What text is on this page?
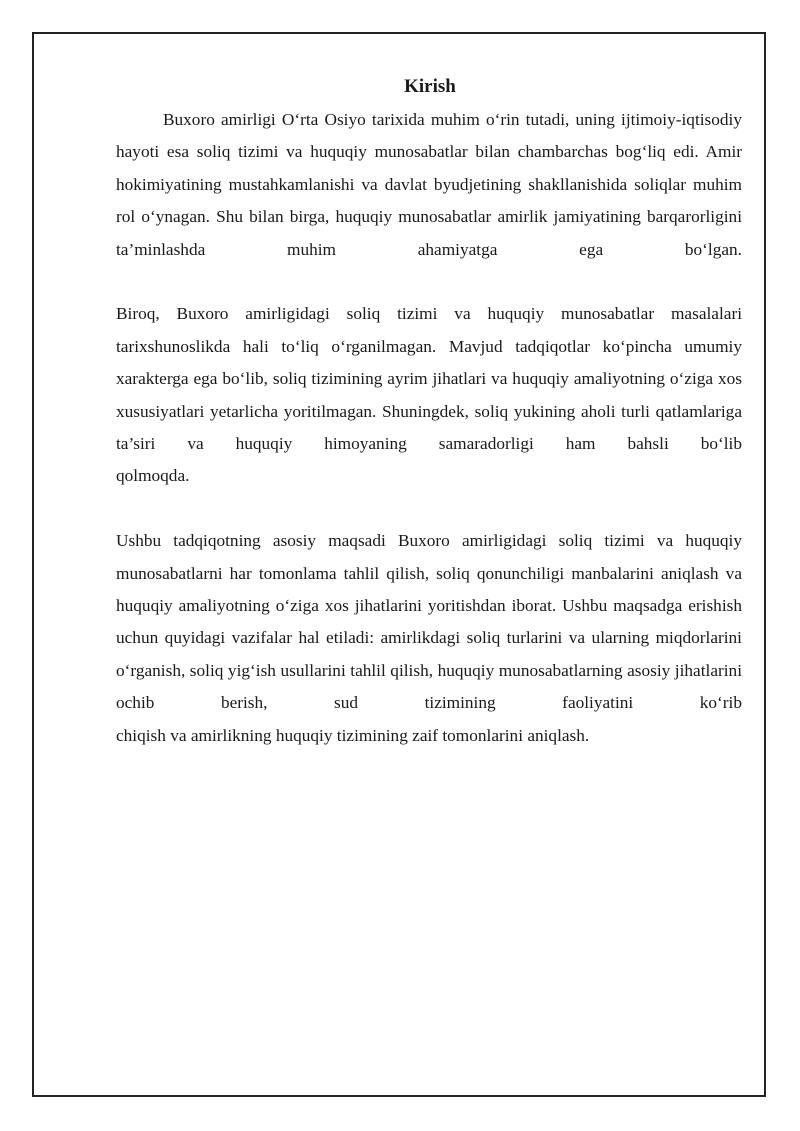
Kirish

Buxoro amirligi O‘rta Osiyo tarixida muhim o‘rin tutadi, uning ijtimoiy-iqtisodiy hayoti esa soliq tizimi va huquqiy munosabatlar bilan chambarchas bog‘liq edi. Amir hokimiyatining mustahkamlanishi va davlat byudjetining shakllanishida soliqlar muhim rol o‘ynagan. Shu bilan birga, huquqiy munosabatlar amirlik jamiyatining barqarorligini ta’minlashda muhim ahamiyatga ega bo‘lgan.

Biroq, Buxoro amirligidagi soliq tizimi va huquqiy munosabatlar masalalari tarixshunoslikda hali to‘liq o‘rganilmagan. Mavjud tadqiqotlar ko‘pincha umumiy xarakterga ega bo‘lib, soliq tizimining ayrim jihatlari va huquqiy amaliyotning o‘ziga xos xususiyatlari yetarlicha yoritilmagan. Shuningdek, soliq yukining aholi turli qatlamlariga ta’siri va huquqiy himoyaning samaradorligi ham bahsli bo‘lib
qolmoqda.

Ushbu tadqiqotning asosiy maqsadi Buxoro amirligidagi soliq tizimi va huquqiy munosabatlarni har tomonlama tahlil qilish, soliq qonunchiligi manbalarini aniqlash va huquqiy amaliyotning o‘ziga xos jihatlarini yoritishdan iborat. Ushbu maqsadga erishish uchun quyidagi vazifalar hal etiladi: amirlikdagi soliq turlarini va ularning miqdorlarini o‘rganish, soliq yig‘ish usullarini tahlil qilish, huquqiy munosabatlarning asosiy jihatlarini ochib berish, sud tizimining faoliyatini ko‘rib
chiqish va amirlikning huquqiy tizimining zaif tomonlarini aniqlash.
